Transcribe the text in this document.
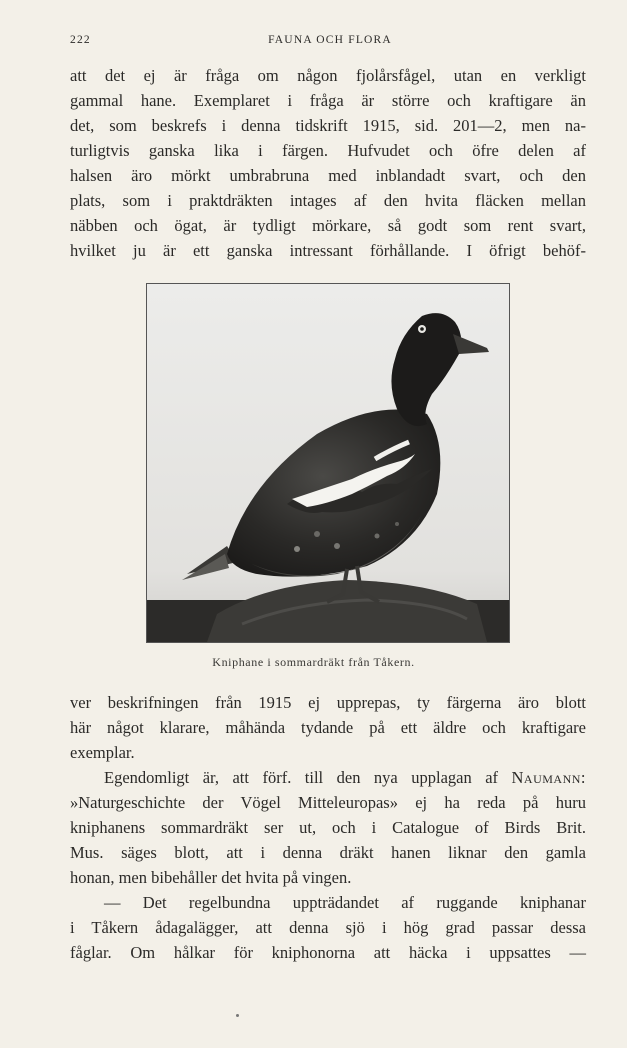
222	FAUNA OCH FLORA
att det ej är fråga om någon fjolårsfågel, utan en verkligt
gammal hane. Exemplaret i fråga är större och kraftigare än
det, som beskrefs i denna tidskrift 1915, sid. 201—2, men na-
turligtvis ganska lika i färgen. Hufvudet och öfre delen af
halsen äro mörkt umbrabruna med inblandadt svart, och den
plats, som i praktdräkten intages af den hvita fläcken mellan
näbben och ögat, är tydligt mörkare, så godt som rent svart,
hvilket ju är ett ganska intressant förhållande. I öfrigt behöf-
Kniphane i sommardräkt från Tåkern.
ver beskrifningen från 1915 ej upprepas, ty färgerna äro blott
här något klarare, måhända tydande på ett äldre och kraftigare
exemplar.
Egendomligt är, att förf. till den nya upplagan af Naumann:
»Naturgeschichte der Vögel Mitteleuropas» ej ha reda på huru
kniphanens sommardräkt ser ut, och i Catalogue of Birds Brit.
Mus. säges blott, att i denna dräkt hanen liknar den gamla
honan, men bibehåller det hvita på vingen.
— Det regelbundna uppträdandet af ruggande kniphanar
i Tåkern ådagalägger, att denna sjö i hög grad passar dessa
fåglar. Om hålkar för kniphonorna att häcka i uppsattes —
